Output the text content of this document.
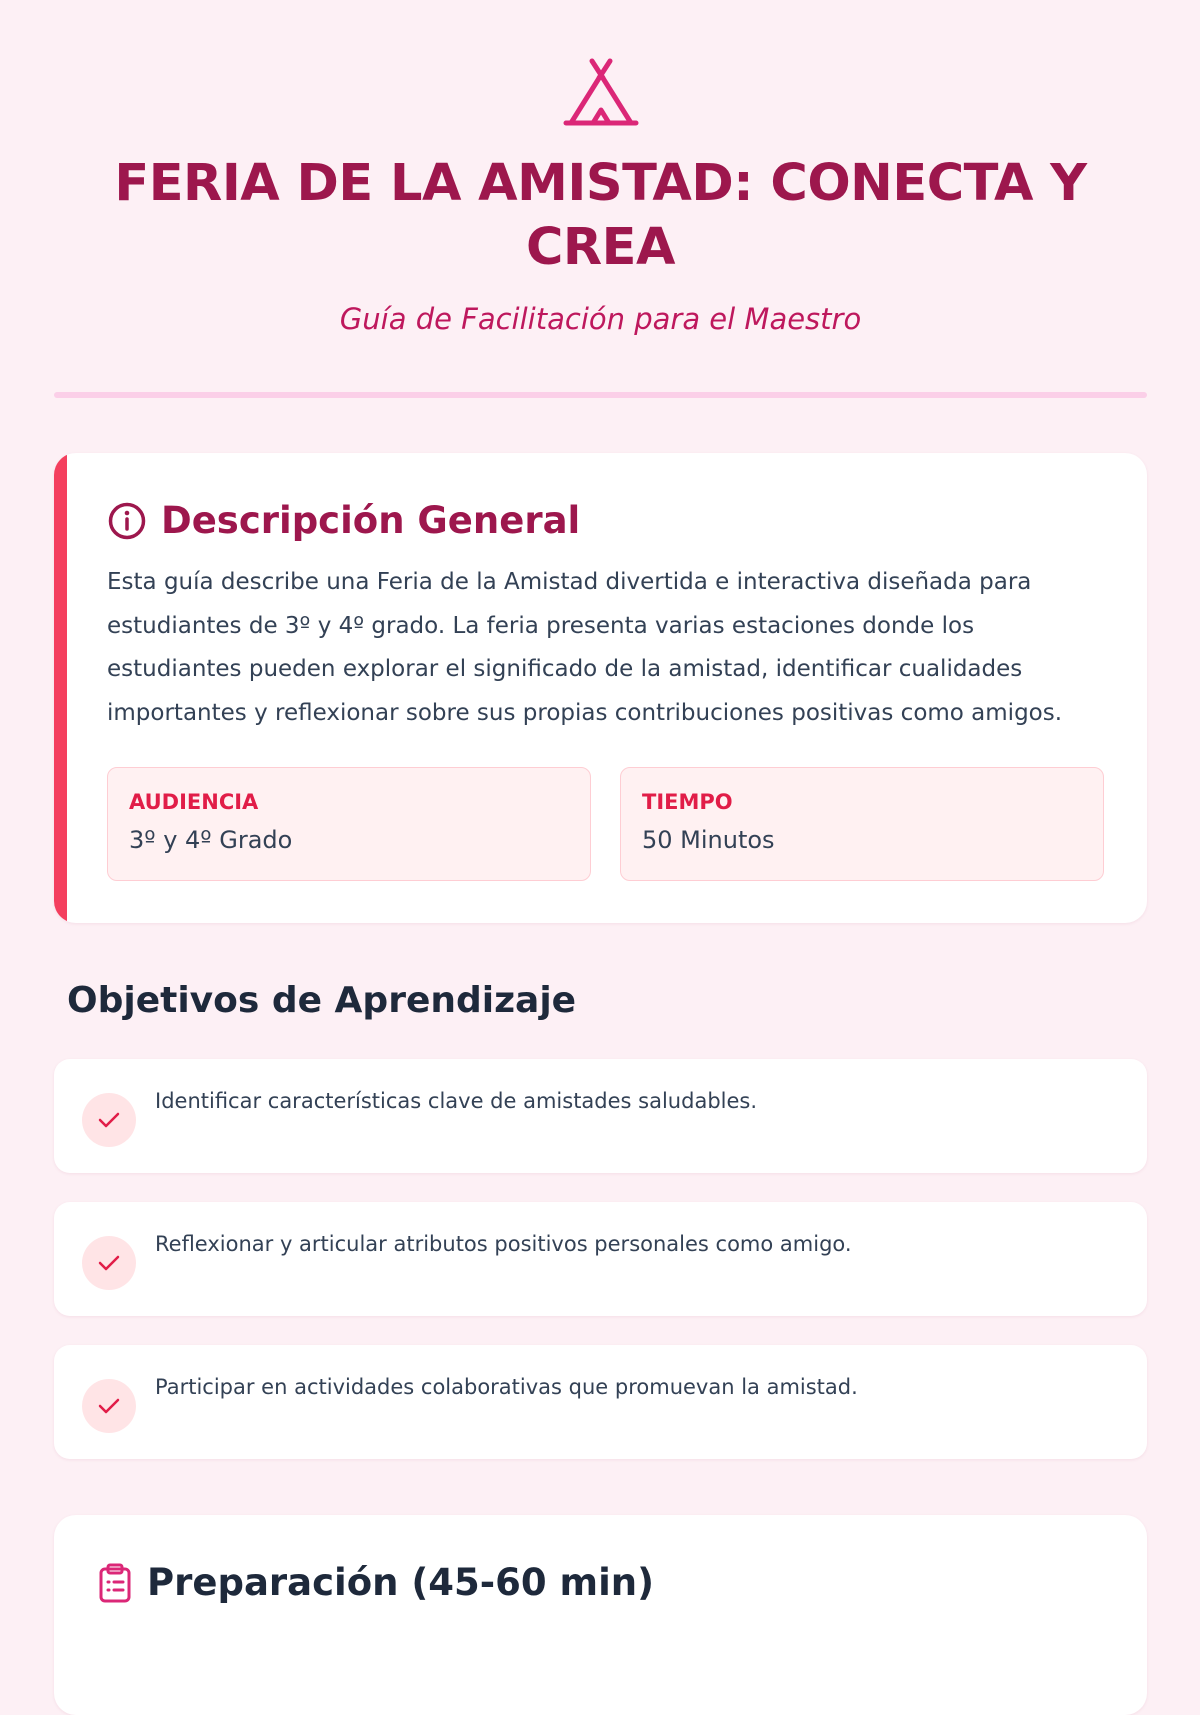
FERIA DE LA AMISTAD: CONECTA Y CREA
Guía de Facilitación para el Maestro
Descripción General

Esta guía describe una Feria de la Amistad divertida e interactiva diseñada para estudiantes de 3º y 4º grado. La feria presenta varias estaciones donde los estudiantes pueden explorar el significado de la amistad, identificar cualidades importantes y reflexionar sobre sus propias contribuciones positivas como amigos.

AUDIENCIA
3º y 4º Grado
TIEMPO
50 Minutos
Objetivos de Aprendizaje
Identificar características clave de amistades saludables.
Reflexionar y articular atributos positivos personales como amigo.
Participar en actividades colaborativas que promuevan la amistad.
Preparación (45-60 min)
